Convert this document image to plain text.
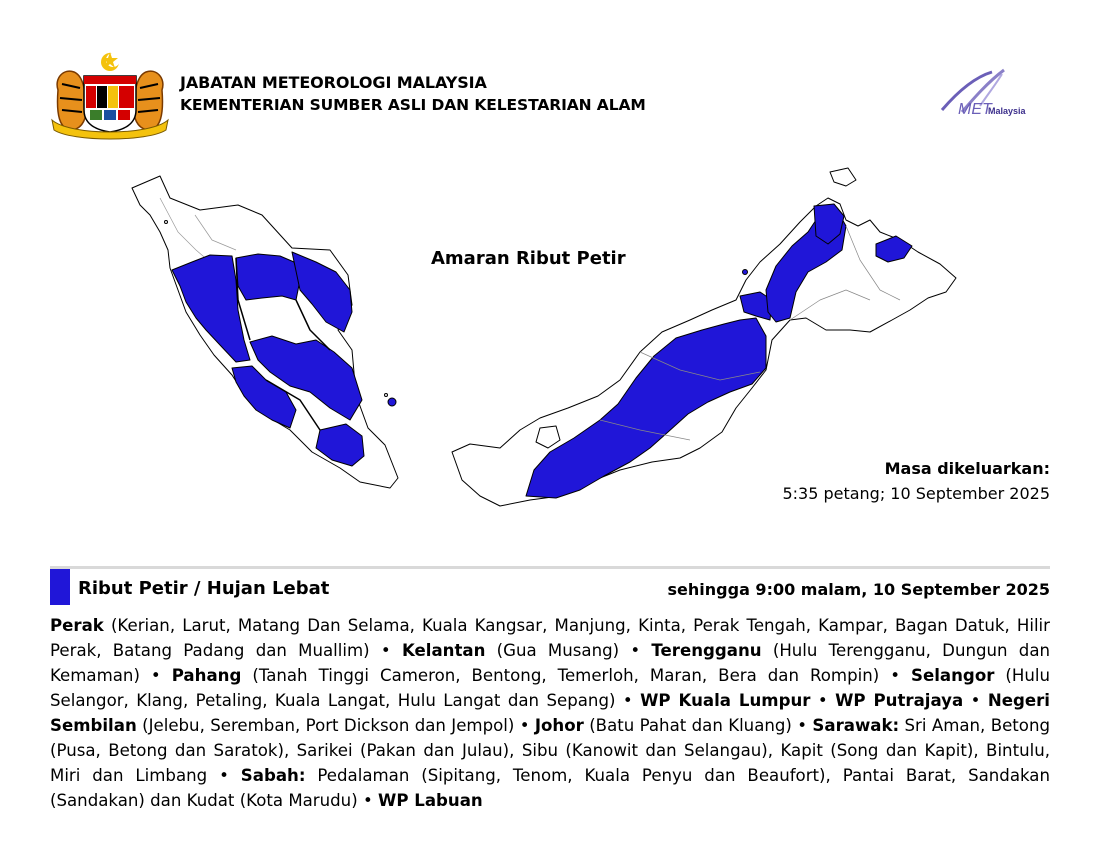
JABATAN METEOROLOGI MALAYSIA
KEMENTERIAN SUMBER ASLI DAN KELESTARIAN ALAM	MET
Malaysia
Amaran Ribut Petir
Masa dikeluarkan:
5:35 petang; 10 September 2025
Ribut Petir / Hujan Lebat	sehingga 9:00 malam, 10 September 2025
Perak (Kerian, Larut, Matang Dan Selama, Kuala Kangsar, Manjung, Kinta, Perak Tengah, Kampar, Bagan Datuk, Hilir Perak, Batang Padang dan Muallim) • Kelantan (Gua Musang) • Terengganu (Hulu Terengganu, Dungun dan Kemaman) • Pahang (Tanah Tinggi Cameron, Bentong, Temerloh, Maran, Bera dan Rompin) • Selangor (Hulu Selangor, Klang, Petaling, Kuala Langat, Hulu Langat dan Sepang) • WP Kuala Lumpur • WP Putrajaya • Negeri Sembilan (Jelebu, Seremban, Port Dickson dan Jempol) • Johor (Batu Pahat dan Kluang) • Sarawak: Sri Aman, Betong (Pusa, Betong dan Saratok), Sarikei (Pakan dan Julau), Sibu (Kanowit dan Selangau), Kapit (Song dan Kapit), Bintulu, Miri dan Limbang • Sabah: Pedalaman (Sipitang, Tenom, Kuala Penyu dan Beaufort), Pantai Barat, Sandakan (Sandakan) dan Kudat (Kota Marudu) • WP Labuan
